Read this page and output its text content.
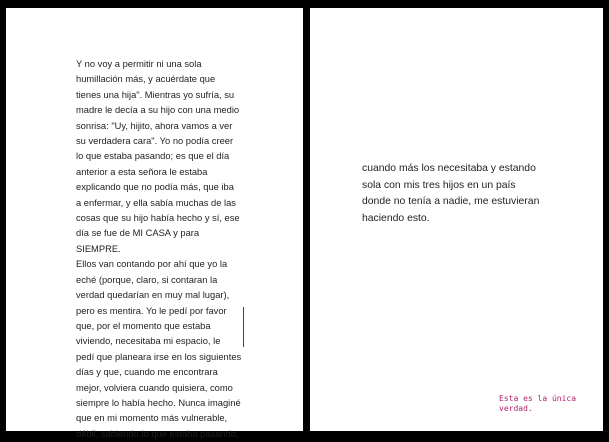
Y no voy a permitir ni una sola
humillación más, y acuérdate que
tienes una hija". Mientras yo sufría, su
madre le decía a su hijo con una medio
sonrisa: "Uy, hijito, ahora vamos a ver
su verdadera cara". Yo no podía creer
lo que estaba pasando; es que el día
anterior a esta señora le estaba
explicando que no podía más, que iba
a enfermar, y ella sabía muchas de las
cosas que su hijo había hecho y sí, ese
día se fue de MI CASA y para SIEMPRE.
Ellos van contando por ahí que yo la
eché (porque, claro, si contaran la
verdad quedarían en muy mal lugar),
pero es mentira. Yo le pedí por favor
que, por el momento que estaba
viviendo, necesitaba mi espacio, le
pedí que planeara irse en los siguientes
días y que, cuando me encontrara
mejor, volviera cuando quisiera, como
siempre lo había hecho. Nunca imaginé
que en mi momento más vulnerable,
débil, sabiendo lo que estaba pasando,
cuando más los necesitaba y estando
sola con mis tres hijos en un país
donde no tenía a nadie, me estuvieran
haciendo esto.
Esta es la única
verdad.
